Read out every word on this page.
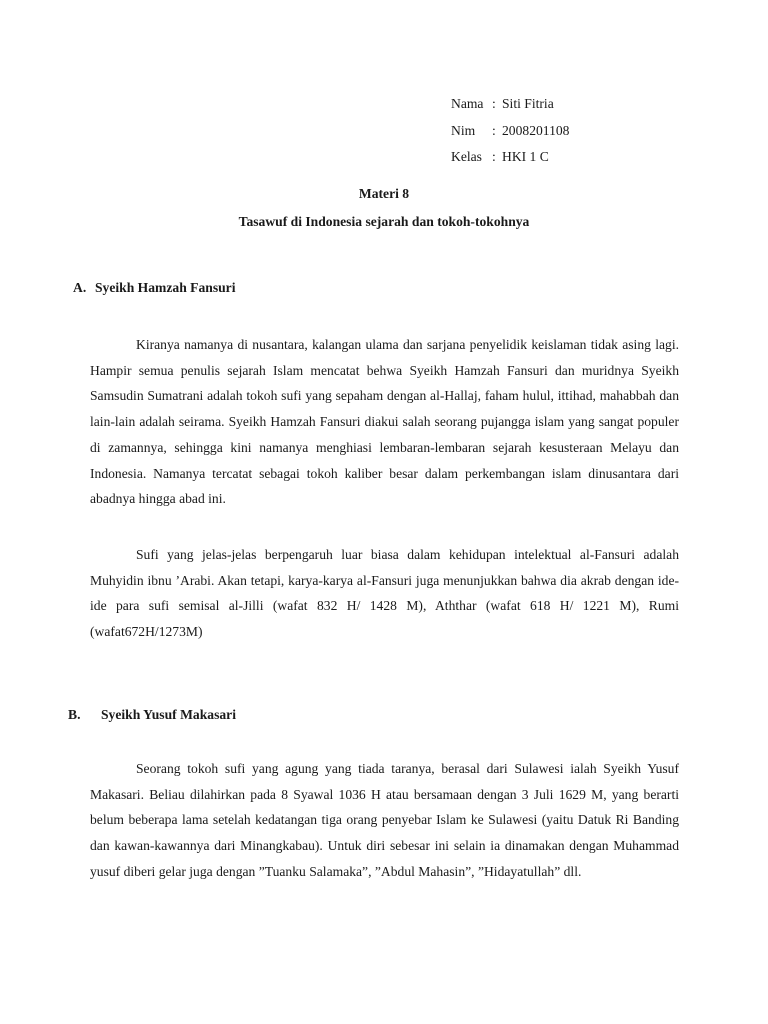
Nama : Siti Fitria
Nim	: 2008201108
Kelas : HKI 1 C
Materi 8
Tasawuf di Indonesia sejarah dan tokoh-tokohnya
A. Syeikh Hamzah Fansuri

Kiranya namanya di nusantara, kalangan ulama dan sarjana penyelidik keislaman tidak asing lagi. Hampir semua penulis sejarah Islam mencatat behwa Syeikh Hamzah Fansuri dan muridnya Syeikh Samsudin Sumatrani adalah tokoh sufi yang sepaham dengan al-Hallaj, faham hulul, ittihad, mahabbah dan lain-lain adalah seirama. Syeikh Hamzah Fansuri diakui salah seorang pujangga islam yang sangat populer di zamannya, sehingga kini namanya menghiasi lembaran-lembaran sejarah kesusteraan Melayu dan Indonesia. Namanya tercatat sebagai tokoh kaliber besar dalam perkembangan islam dinusantara dari abadnya hingga abad ini.

Sufi yang jelas-jelas berpengaruh luar biasa dalam kehidupan intelektual al-Fansuri adalah Muhyidin ibnu ’Arabi. Akan tetapi, karya-karya al-Fansuri juga menunjukkan bahwa dia akrab dengan ide-ide para sufi semisal al-Jilli (wafat 832 H/ 1428 M), Aththar (wafat 618 H/ 1221 M), Rumi (wafat672H/1273M)

B.	Syeikh Yusuf Makasari

Seorang tokoh sufi yang agung yang tiada taranya, berasal dari Sulawesi ialah Syeikh Yusuf Makasari. Beliau dilahirkan pada 8 Syawal 1036 H atau bersamaan dengan 3 Juli 1629 M, yang berarti belum beberapa lama setelah kedatangan tiga orang penyebar Islam ke Sulawesi (yaitu Datuk Ri Banding dan kawan-kawannya dari Minangkabau). Untuk diri sebesar ini selain ia dinamakan dengan Muhammad yusuf diberi gelar juga dengan ”Tuanku Salamaka”, ”Abdul Mahasin”, ”Hidayatullah” dll.
